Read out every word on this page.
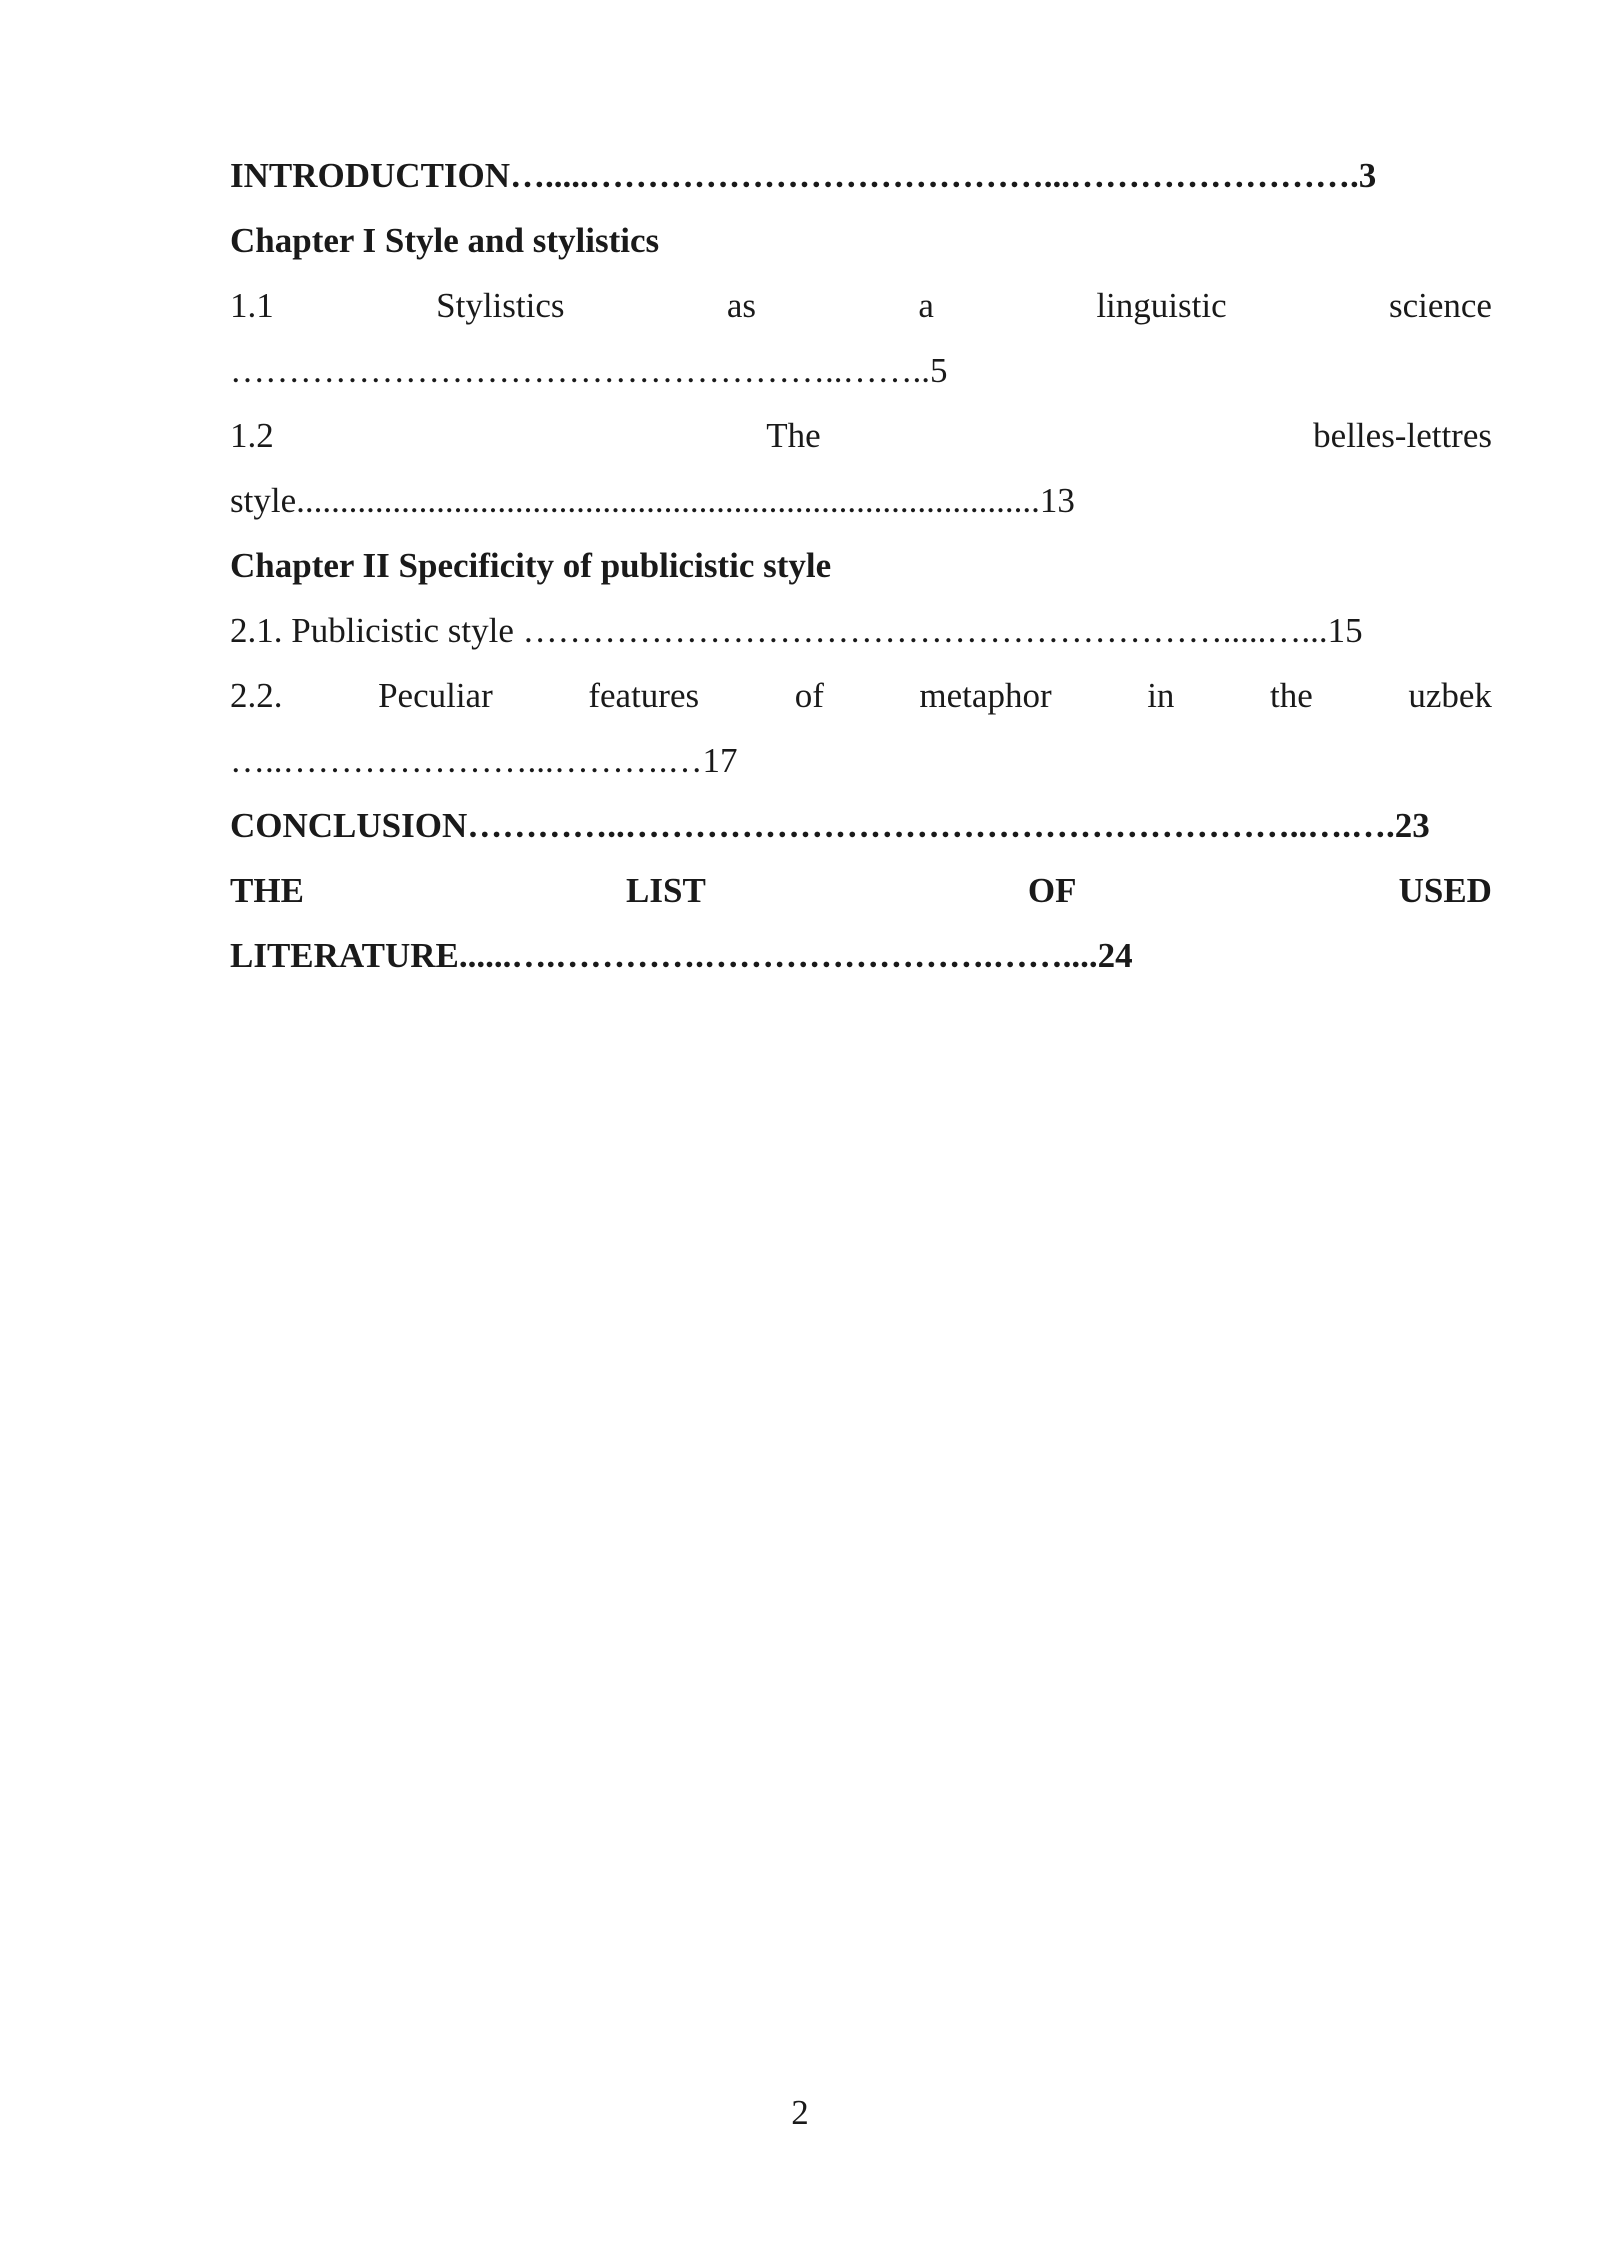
INTRODUCTION….....…………………………………...…………………….3
Chapter I Style and stylistics
1.1	Stylistics	as	a	linguistic	science
……………………………………………..……..5
1.2	The	belles-lettres
style.....................................................................................13
Chapter II Specificity of publicistic style
2.1. Publicistic style …………………………………………………….....…...15
2.2.	Peculiar	features	of	metaphor	in	the	uzbek
…..…………………...……….…17
CONCLUSION…………..…………………………………………………..….….23
THE	LIST	OF	USED
LITERATURE......….………….…………………….……....24
2
